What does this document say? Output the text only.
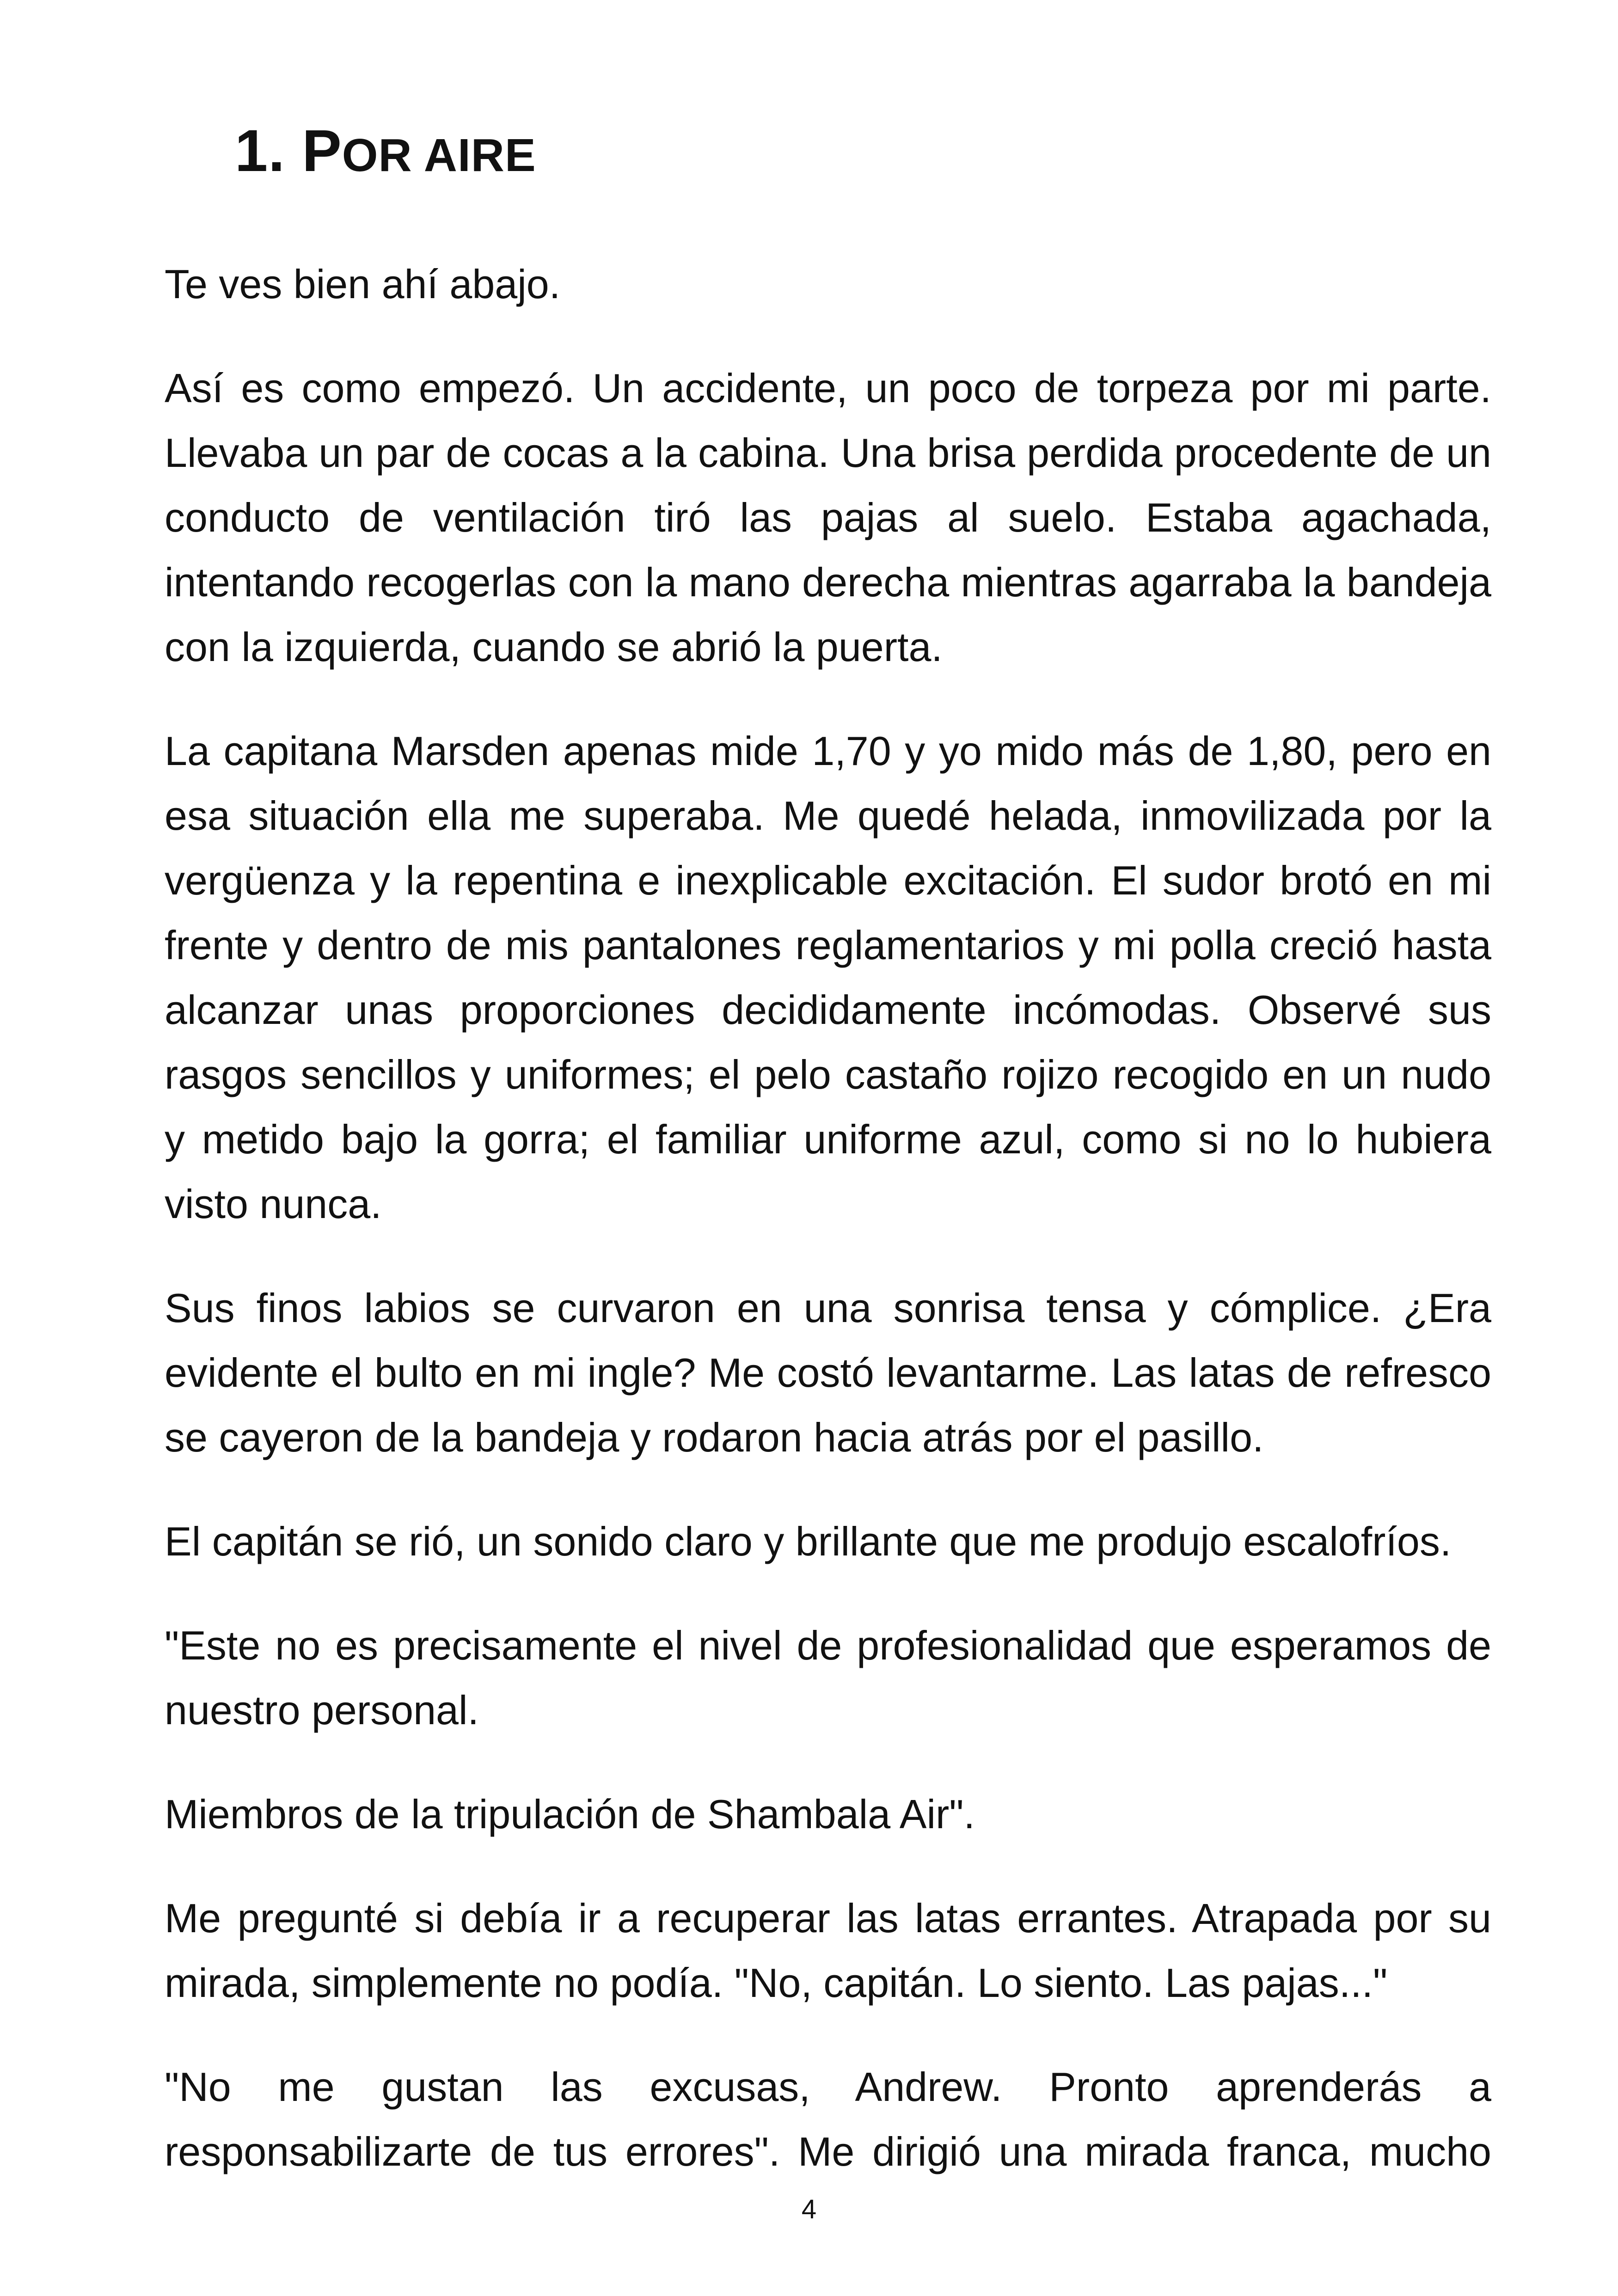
1. POR AIRE

Te ves bien ahí abajo.

Así es como empezó. Un accidente, un poco de torpeza por mi parte. Llevaba un par de cocas a la cabina. Una brisa perdida procedente de un conducto de ventilación tiró las pajas al suelo. Estaba agachada, intentando recogerlas con la mano derecha mientras agarraba la bandeja con la izquierda, cuando se abrió la puerta.

La capitana Marsden apenas mide 1,70 y yo mido más de 1,80, pero en esa situación ella me superaba. Me quedé helada, inmovilizada por la vergüenza y la repentina e inexplicable excitación. El sudor brotó en mi frente y dentro de mis pantalones reglamentarios y mi polla creció hasta alcanzar unas proporciones decididamente incómodas. Observé sus rasgos sencillos y uniformes; el pelo castaño rojizo recogido en un nudo y metido bajo la gorra; el familiar uniforme azul, como si no lo hubiera visto nunca.

Sus finos labios se curvaron en una sonrisa tensa y cómplice. ¿Era evidente el bulto en mi ingle? Me costó levantarme. Las latas de refresco se cayeron de la bandeja y rodaron hacia atrás por el pasillo.

El capitán se rió, un sonido claro y brillante que me produjo escalofríos.

"Este no es precisamente el nivel de profesionalidad que esperamos de nuestro personal.

Miembros de la tripulación de Shambala Air".

Me pregunté si debía ir a recuperar las latas errantes. Atrapada por su mirada, simplemente no podía. "No, capitán. Lo siento. Las pajas..."

"No me gustan las excusas, Andrew. Pronto aprenderás a responsabilizarte de tus errores". Me dirigió una mirada franca, mucho

4
